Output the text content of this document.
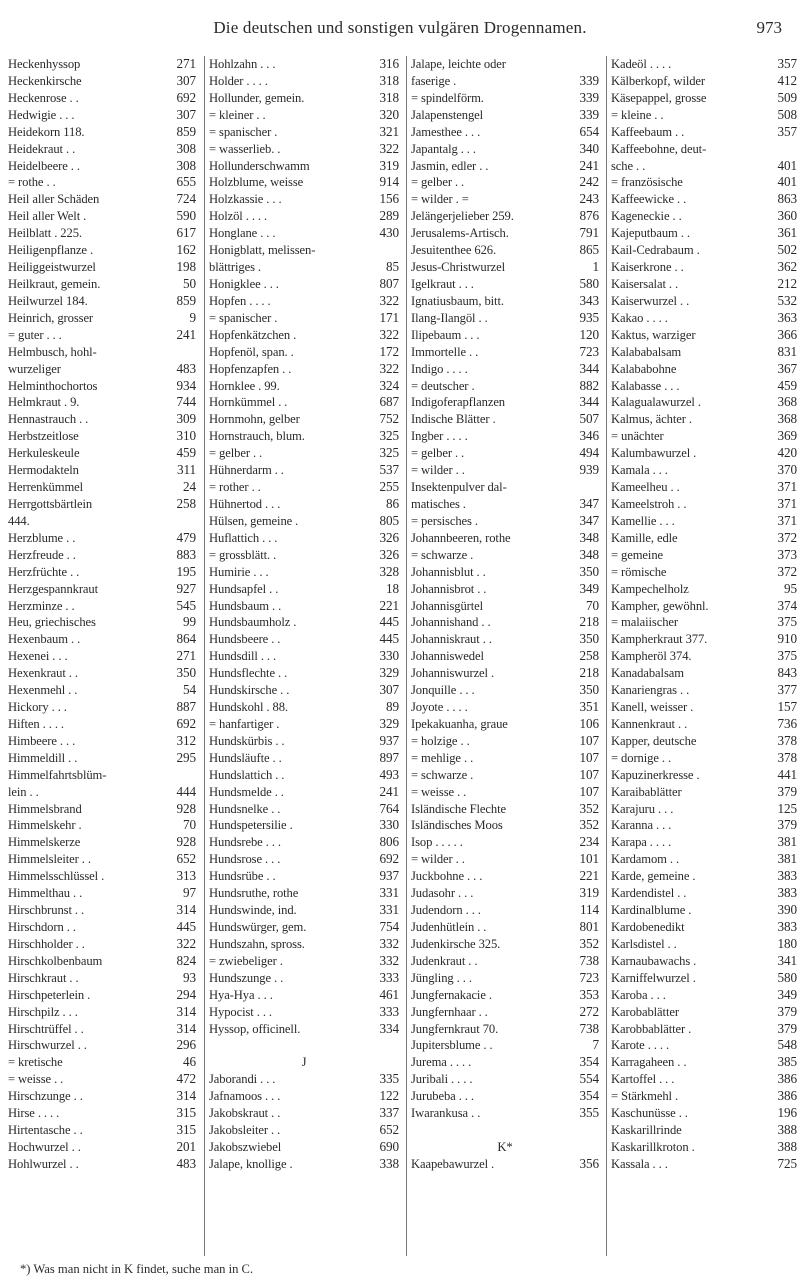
Die deutschen und sonstigen vulgären Drogennamen.	973
Heckenhyssop	271
Heckenkirsche	307
Heckenrose . .	692
Hedwigie . . .	307
Heidekorn 118.	859
Heidekraut . .	308
Heidelbeere . .	308
= rothe . .	655
Heil aller Schäden	724
Heil aller Welt .	590
Heilblatt . 225.	617
Heiligenpflanze .	162
Heiliggeistwurzel	198
Heilkraut, gemein.	50
Heilwurzel 184.	859
Heinrich, grosser	9
= guter . . .	241
Helmbusch, hohl-
wurzeliger	483
Helminthochortos	934
Helmkraut . 9.	744
Hennastrauch . .	309
Herbstzeitlose	310
Herkuleskeule	459
Hermodakteln	311
Herrenkümmel	24
Herrgottsbärtlein	258
444.
Herzblume . .	479
Herzfreude . .	883
Herzfrüchte . .	195
Herzgespannkraut	927
Herzminze . .	545
Heu, griechisches	99
Hexenbaum . .	864
Hexenei . . .	271
Hexenkraut . .	350
Hexenmehl . .	54
Hickory . . .	887
Hiften . . . .	692
Himbeere . . .	312
Himmeldill . .	295
Himmelfahrtsblüm-
lein . .	444
Himmelsbrand	928
Himmelskehr .	70
Himmelskerze	928
Himmelsleiter . .	652
Himmelsschlüssel .	313
Himmelthau . .	97
Hirschbrunst . .	314
Hirschdorn . .	445
Hirschholder . .	322
Hirschkolbenbaum	824
Hirschkraut . .	93
Hirschpeterlein .	294
Hirschpilz . . .	314
Hirschtrüffel . .	314
Hirschwurzel . .	296
= kretische	46
= weisse . .	472
Hirschzunge . .	314
Hirse . . . .	315
Hirtentasche . .	315
Hochwurzel . .	201
Hohlwurzel . .	483
Hohlzahn . . .	316
Holder . . . .	318
Hollunder, gemein.	318
= kleiner . .	320
= spanischer .	321
= wasserlieb. .	322
Hollunderschwamm	319
Holzblume, weisse	914
Holzkassie . . .	156
Holzöl . . . .	289
Honglane . . .	430
Honigblatt, melissen-
blättriges .	85
Honigklee . . .	807
Hopfen . . . .	322
= spanischer .	171
Hopfenkätzchen .	322
Hopfenöl, span. .	172
Hopfenzapfen . .	322
Hornklee . 99.	324
Hornkümmel . .	687
Hornmohn, gelber	752
Hornstrauch, blum.	325
= gelber . .	325
Hühnerdarm . .	537
= rother . .	255
Hühnertod . . .	86
Hülsen, gemeine .	805
Huflattich . . .	326
= grossblätt. .	326
Humirie . . .	328
Hundsapfel . .	18
Hundsbaum . .	221
Hundsbaumholz .	445
Hundsbeere . .	445
Hundsdill . . .	330
Hundsflechte . .	329
Hundskirsche . .	307
Hundskohl . 88.	89
= hanfartiger .	329
Hundskürbis . .	937
Hundsläufte . .	897
Hundslattich . .	493
Hundsmelde . .	241
Hundsnelke . .	764
Hundspetersilie .	330
Hundsrebe . . .	806
Hundsrose . . .	692
Hundsrübe . .	937
Hundsruthe, rothe	331
Hundswinde, ind.	331
Hundswürger, gem.	754
Hundszahn, spross.	332
= zwiebeliger .	332
Hundszunge . .	333
Hya-Hya . . .	461
Hypocist . . .	333
Hyssop, officinell.	334
J
Jaborandi . . .	335
Jafnamoos . . .	122
Jakobskraut . .	337
Jakobsleiter . .	652
Jakobszwiebel	690
Jalape, knollige .	338
Jalape, leichte oder
faserige .	339
= spindelförm.	339
Jalapenstengel	339
Jamesthee . . .	654
Japantalg . . .	340
Jasmin, edler . .	241
= gelber . .	242
= wilder . =	243
Jelängerjelieber 259.	876
Jerusalems-Artisch.	791
Jesuitenthee 626.	865
Jesus-Christwurzel	1
Igelkraut . . .	580
Ignatiusbaum, bitt.	343
Ilang-Ilangöl . .	935
Ilipebaum . . .	120
Immortelle . .	723
Indigo . . . .	344
= deutscher .	882
Indigoferapflanzen	344
Indische Blätter .	507
Ingber . . . .	346
= gelber . .	494
= wilder . .	939
Insektenpulver dal-
matisches .	347
= persisches .	347
Johannbeeren, rothe	348
= schwarze .	348
Johannisblut . .	350
Johannisbrot . .	349
Johannisgürtel	70
Johannishand . .	218
Johanniskraut . .	350
Johanniswedel	258
Johanniswurzel .	218
Jonquille . . .	350
Joyote . . . .	351
Ipekakuanha, graue	106
= holzige . .	107
= mehlige . .	107
= schwarze .	107
= weisse . .	107
Isländische Flechte	352
Isländisches Moos	352
Isop . . . . .	234
= wilder . .	101
Juckbohne . . .	221
Judasohr . . .	319
Judendorn . . .	114
Judenhütlein . .	801
Judenkirsche 325.	352
Judenkraut . .	738
Jüngling . . .	723
Jungfernakacie .	353
Jungfernhaar . .	272
Jungfernkraut 70.	738
Jupitersblume . .	7
Jurema . . . .	354
Juribali . . . .	554
Jurubeba . . .	354
Iwarankusa . .	355
K*
Kaapebawurzel .	356
Kadeöl . . . .	357
Kälberkopf, wilder	412
Käsepappel, grosse	509
= kleine . .	508
Kaffeebaum . .	357
Kaffeebohne, deut-
sche . .	401
= französische	401
Kaffeewicke . .	863
Kageneckie . .	360
Kajeputbaum . .	361
Kail-Cedrabaum .	502
Kaiserkrone . .	362
Kaisersalat . .	212
Kaiserwurzel . .	532
Kakao . . . .	363
Kaktus, warziger	366
Kalababalsam	831
Kalababohne	367
Kalabasse . . .	459
Kalagualawurzel .	368
Kalmus, ächter .	368
= unächter	369
Kalumbawurzel .	420
Kamala . . .	370
Kameelheu . .	371
Kameelstroh . .	371
Kamellie . . .	371
Kamille, edle	372
= gemeine	373
= römische	372
Kampechelholz	95
Kampher, gewöhnl.	374
= malaiischer	375
Kampherkraut 377.	910
Kampheröl 374.	375
Kanadabalsam	843
Kanariengras . .	377
Kanell, weisser .	157
Kannenkraut . .	736
Kapper, deutsche	378
= dornige . .	378
Kapuzinerkresse .	441
Karaibablätter	379
Karajuru . . .	125
Karanna . . .	379
Karapa . . . .	381
Kardamom . .	381
Karde, gemeine .	383
Kardendistel . .	383
Kardinalblume .	390
Kardobenedikt	383
Karlsdistel . .	180
Karnaubawachs .	341
Karniffelwurzel .	580
Karoba . . .	349
Karobablätter	379
Karobbablätter .	379
Karote . . . .	548
Karragaheen . .	385
Kartoffel . . .	386
= Stärkmehl .	386
Kaschunüsse . .	196
Kaskarillrinde	388
Kaskarillkroton .	388
Kassala . . .	725
*) Was man nicht in K findet, suche man in C.
